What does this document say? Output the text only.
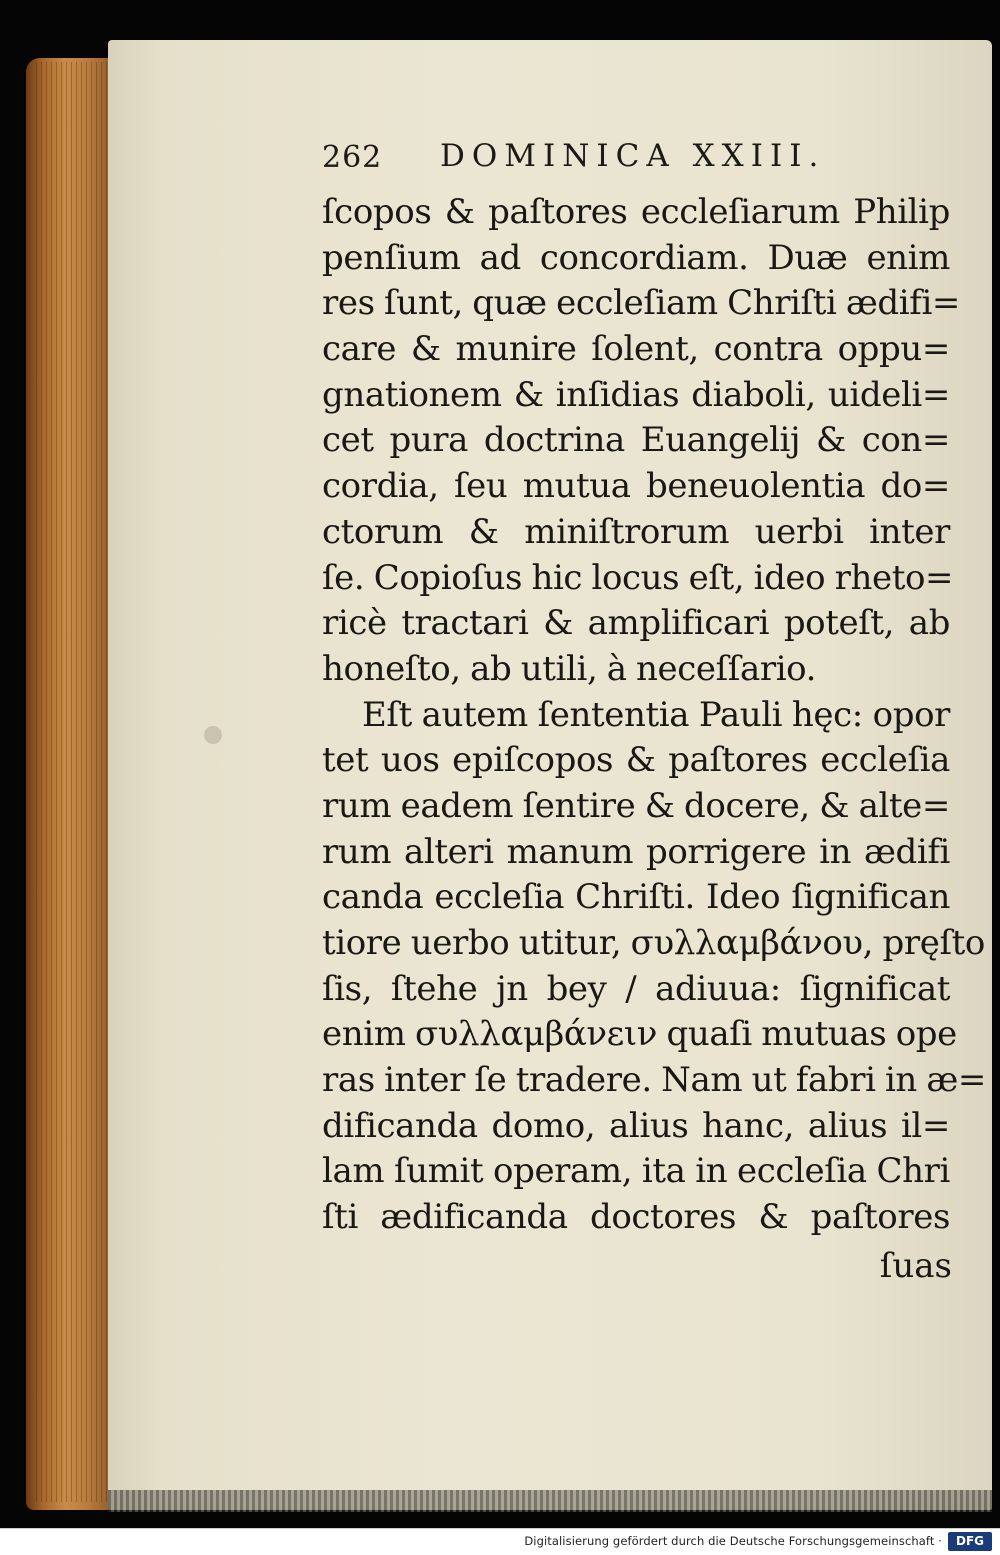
262 DOMINICA XXIII.
ſcopos & paſtores eccleſiarum Philip
penſium ad concordiam. Duæ enim
res ſunt, quæ eccleſiam Chriſti ædifi=
care & munire ſolent, contra oppu=
gnationem & inſidias diaboli, uideli=
cet pura doctrina Euangelij & con=
cordia, ſeu mutua beneuolentia do=
ctorum & miniſtrorum uerbi inter
ſe. Copioſus hic locus eſt, ideo rheto=
ricè tractari & amplificari poteſt, ab
honeſto, ab utili, à neceſſario.
Eſt autem ſententia Pauli hęc: opor
tet uos epiſcopos & paſtores eccleſia
rum eadem ſentire & docere, & alte=
rum alteri manum porrigere in ædifi
canda eccleſia Chriſti. Ideo ſignifican
tiore uerbo utitur, συλλαμβάνου, pręſto
ſis, ſtehe jn bey / adiuua: ſignificat
enim συλλαμβάνειν quaſi mutuas ope
ras inter ſe tradere. Nam ut fabri in æ=
dificanda domo, alius hanc, alius il=
lam ſumit operam, ita in eccleſia Chri
ſti ædificanda doctores & paſtores
ſuas
Digitalisierung gefördert durch die Deutsche Forschungsgemeinschaft ·	DFG
